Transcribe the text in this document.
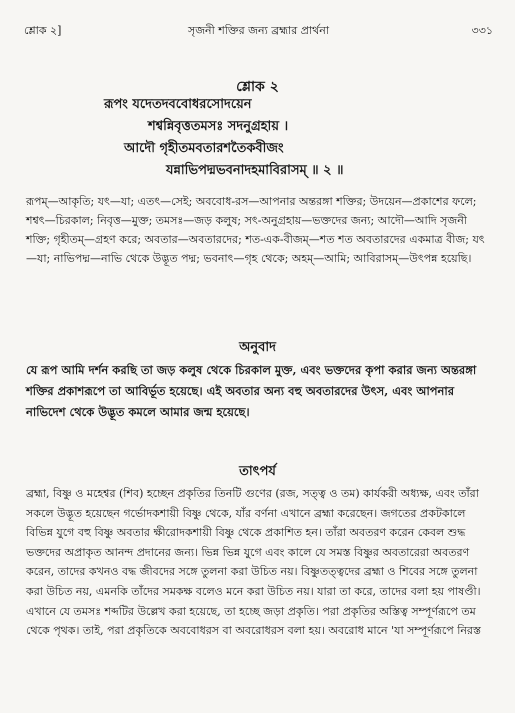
শ্লোক ২]	সৃজনী শক্তির জন্য ব্রহ্মার প্রার্থনা	৩৩১
শ্লোক ২
রূপং যদেতদববোধরসোদয়েন
শশ্বন্নিবৃত্ততমসঃ সদনুগ্রহায় ।
আদৌ গৃহীতমবতারশতৈকবীজং
যন্নাভিপদ্মভবনাদহমাবিরাসম্ ॥ ২ ॥

রূপম্—আকৃতি; যৎ—যা; এতৎ—সেই; অববোধ-রস—আপনার অন্তরঙ্গা শক্তির; উদয়েন—প্রকাশের ফলে; শশ্বৎ—চিরকাল; নিবৃত্ত—মুক্ত; তমসঃ—জড় কলুষ; সৎ-অনুগ্রহায়—ভক্তদের জন্য; আদৌ—আদি সৃজনী শক্তি; গৃহীতম্—গ্রহণ করে; অবতার—অবতারদের; শত-এক-বীজম্—শত শত অবতারদের একমাত্র বীজ; যৎ—যা; নাভিপদ্ম—নাভি থেকে উদ্ভূত পদ্ম; ভবনাৎ—গৃহ থেকে; অহম্—আমি; আবিরাসম্—উৎপন্ন হয়েছি।

অনুবাদ

যে রূপ আমি দর্শন করছি তা জড় কলুষ থেকে চিরকাল মুক্ত, এবং ভক্তদের কৃপা করার জন্য অন্তরঙ্গা শক্তির প্রকাশরূপে তা আবির্ভূত হয়েছে। এই অবতার অন্য বহু অবতারদের উৎস, এবং আপনার নাভিদেশ থেকে উদ্ভূত কমলে আমার জন্ম হয়েছে।

তাৎপর্য

ব্রহ্মা, বিষ্ণু ও মহেশ্বর (শিব) হচ্ছেন প্রকৃতির তিনটি গুণের (রজ, সত্ত্ব ও তম) কার্যকরী অধ্যক্ষ, এবং তাঁরা সকলে উদ্ভূত হয়েছেন গর্ভোদকশায়ী বিষ্ণু থেকে, যাঁর বর্ণনা এখানে ব্রহ্মা করেছেন। জগতের প্রকটকালে বিভিন্ন যুগে বহু বিষ্ণু অবতার ক্ষীরোদকশায়ী বিষ্ণু থেকে প্রকাশিত হন। তাঁরা অবতরণ করেন কেবল শুদ্ধ ভক্তদের অপ্রাকৃত আনন্দ প্রদানের জন্য। ভিন্ন ভিন্ন যুগে এবং কালে যে সমস্ত বিষ্ণুর অবতারেরা অবতরণ করেন, তাদের কখনও বদ্ধ জীবদের সঙ্গে তুলনা করা উচিত নয়। বিষ্ণুতত্ত্বদের ব্রহ্মা ও শিবের সঙ্গে তুলনা করা উচিত নয়, এমনকি তাঁদের সমকক্ষ বলেও মনে করা উচিত নয়। যারা তা করে, তাদের বলা হয় পাষণ্ডী। এখানে যে তমসঃ শব্দটির উল্লেখ করা হয়েছে, তা হচ্ছে জড়া প্রকৃতি। পরা প্রকৃতির অস্তিত্ব সম্পূর্ণরূপে তম থেকে পৃথক। তাই, পরা প্রকৃতিকে অববোধরস বা অবরোধরস বলা হয়। অবরোধ মানে 'যা সম্পূর্ণরূপে নিরস্ত
